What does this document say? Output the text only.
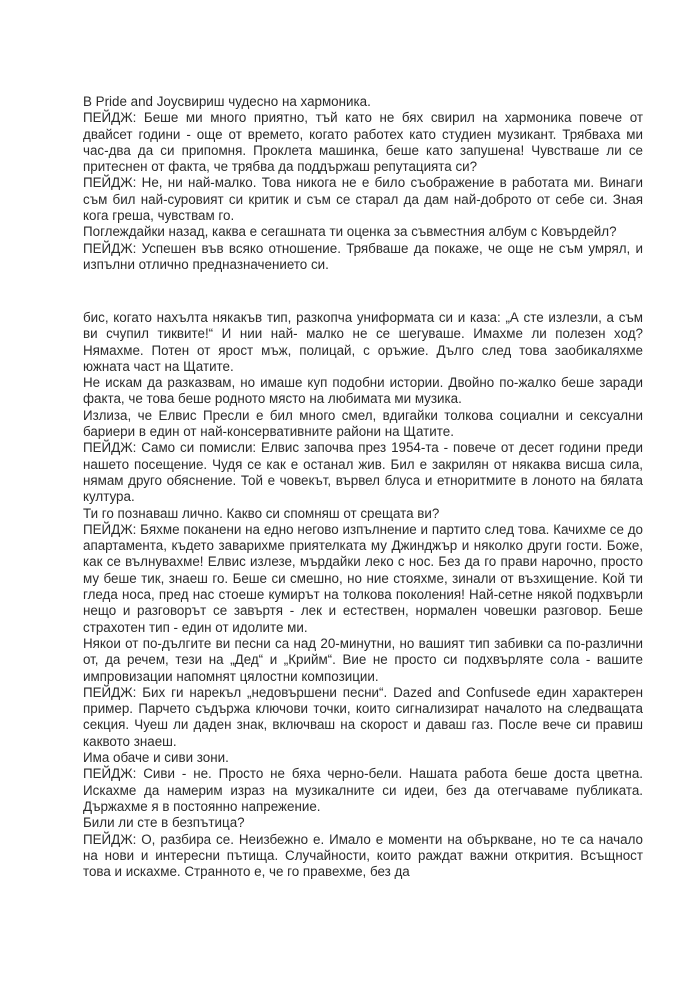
В Pride and Joyсвириш чудесно на хармоника.

ПЕЙДЖ: Беше ми много приятно, тъй като не бях свирил на хармоника повече от двайсет години - още от времето, когато работех като студиен музикант. Трябваха ми час-два да си припомня. Проклета машинка, беше като запушена! Чувстваше ли се притеснен от факта, че трябва да поддържаш репутацията си?

ПЕЙДЖ: Не, ни най-малко. Това никога не е било съображение в работата ми. Винаги съм бил най-суровият си критик и съм се старал да дам най-доброто от себе си. Зная кога греша, чувствам го.

Поглеждайки назад, каква е сегашната ти оценка за съвместния албум с Ковърдейл?

ПЕЙДЖ: Успешен във всяко отношение. Трябваше да покаже, че още не съм умрял, и изпълни отлично предназначението си.

бис, когато нахълта някакъв тип, разкопча униформата си и каза: „А сте излезли, а съм ви счупил тиквите!“ И нии най- малко не се шегуваше. Имахме ли полезен ход? Нямахме. Потен от ярост мъж, полицай, с оръжие. Дълго след това заобикаляхме южната част на Щатите.

Не искам да разказвам, но имаше куп подобни истории. Двойно по-жалко беше заради факта, че това беше родното място на любимата ми музика.

Излиза, че Елвис Пресли е бил много смел, вдигайки толкова социални и сексуални бариери в един от най-консервативните райони на Щатите.

ПЕЙДЖ: Само си помисли: Елвис започва през 1954-та - повече от десет години преди нашето посещение. Чудя се как е останал жив. Бил е закрилян от някаква висша сила, нямам друго обяснение. Той е човекът, вървел блуса и етноритмите в лоното на бялата култура.

Ти го познаваш лично. Какво си спомняш от срещата ви?

ПЕЙДЖ: Бяхме поканени на едно негово изпълнение и партито след това. Качихме се до апартамента, където заварихме приятелката му Джинджър и няколко други гости. Боже, как се вълнувахме! Елвис излезе, мърдайки леко с нос. Без да го прави нарочно, просто му беше тик, знаеш го. Беше си смешно, но ние стояхме, зинали от възхищение. Кой ти гледа носа, пред нас стоеше кумирът на толкова поколения! Най-сетне някой подхвърли нещо и разговорът се завъртя - лек и естествен, нормален човешки разговор. Беше страхотен тип - един от идолите ми.

Някои от по-дългите ви песни са над 20-минутни, но вашият тип забивки са по-различни от, да речем, тези на „Дед“ и „Крийм“. Вие не просто си подхвърляте сола - вашите импровизации напомнят цялостни композиции.

ПЕЙДЖ: Бих ги нарекъл „недовършени песни“. Dazed and Confusede един характерен пример. Парчето съдържа ключови точки, които сигнализират началото на следващата секция. Чуеш ли даден знак, включваш на скорост и даваш газ. После вече си правиш каквото знаеш.

Има обаче и сиви зони.

ПЕЙДЖ: Сиви - не. Просто не бяха черно-бели. Нашата работа беше доста цветна. Искахме да намерим израз на музикалните си идеи, без да отегчаваме публиката. Държахме я в постоянно напрежение.

Били ли сте в безпътица?

ПЕЙДЖ: О, разбира се. Неизбежно е. Имало е моменти на объркване, но те са начало на нови и интересни пътища. Случайности, които раждат важни открития. Всъщност това и искахме. Странното е, че го правехме, без да
